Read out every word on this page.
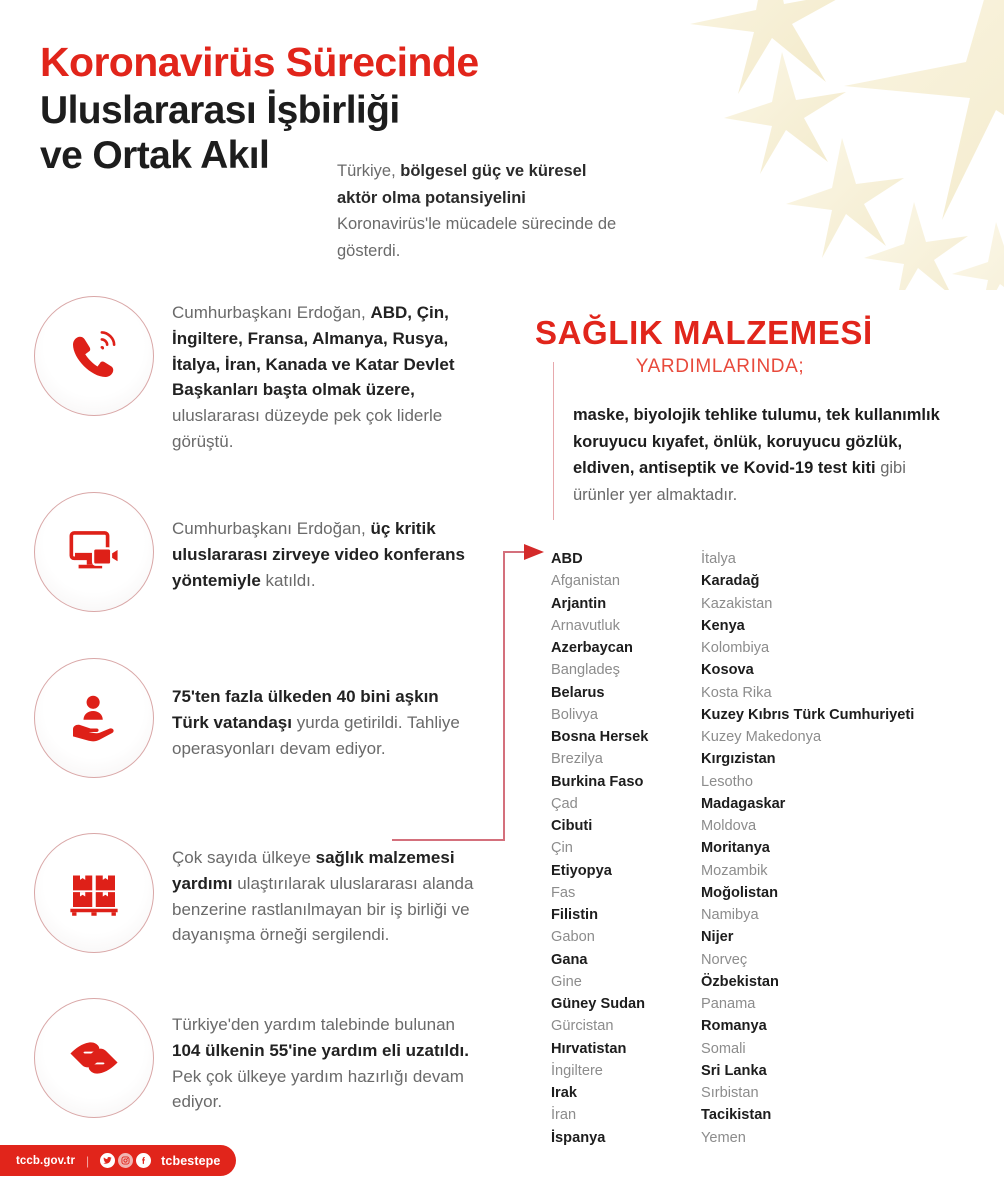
Koronavirüs Sürecinde
Uluslararası İşbirliği
ve Ortak Akıl	Türkiye, bölgesel güç ve küresel aktör olma potansiyelini Koronavirüs'le mücadele sürecinde de gösterdi.
Cumhurbaşkanı Erdoğan, ABD, Çin, İngiltere, Fransa, Almanya, Rusya, İtalya, İran, Kanada ve Katar Devlet Başkanları başta olmak üzere, uluslararası düzeyde pek çok liderle görüştü.
Cumhurbaşkanı Erdoğan, üç kritik uluslararası zirveye video konferans yöntemiyle katıldı.
75'ten fazla ülkeden 40 bini aşkın Türk vatandaşı yurda getirildi. Tahliye operasyonları devam ediyor.
Çok sayıda ülkeye sağlık malzemesi yardımı ulaştırılarak uluslararası alanda benzerine rastlanılmayan bir iş birliği ve dayanışma örneği sergilendi.
Türkiye'den yardım talebinde bulunan 104 ülkenin 55'ine yardım eli uzatıldı. Pek çok ülkeye yardım hazırlığı devam ediyor.
SAĞLIK MALZEMESİ
YARDIMLARINDA;
maske, biyolojik tehlike tulumu, tek kullanımlık koruyucu kıyafet, önlük, koruyucu gözlük, eldiven, antiseptik ve Kovid-19 test kiti gibi ürünler yer almaktadır.
ABD
Afganistan
Arjantin
Arnavutluk
Azerbaycan
Bangladeş
Belarus
Bolivya
Bosna Hersek
Brezilya
Burkina Faso
Çad
Cibuti
Çin
Etiyopya
Fas
Filistin
Gabon
Gana
Gine
Güney Sudan
Gürcistan
Hırvatistan
İngiltere
Irak
İran
İspanya
İtalya
Karadağ
Kazakistan
Kenya
Kolombiya
Kosova
Kosta Rika
Kuzey Kıbrıs Türk Cumhuriyeti
Kuzey Makedonya
Kırgızistan
Lesotho
Madagaskar
Moldova
Moritanya
Mozambik
Moğolistan
Namibya
Nijer
Norveç
Özbekistan
Panama
Romanya
Somali
Sri Lanka
Sırbistan
Tacikistan
Yemen
tccb.gov.tr |	tcbestepe
